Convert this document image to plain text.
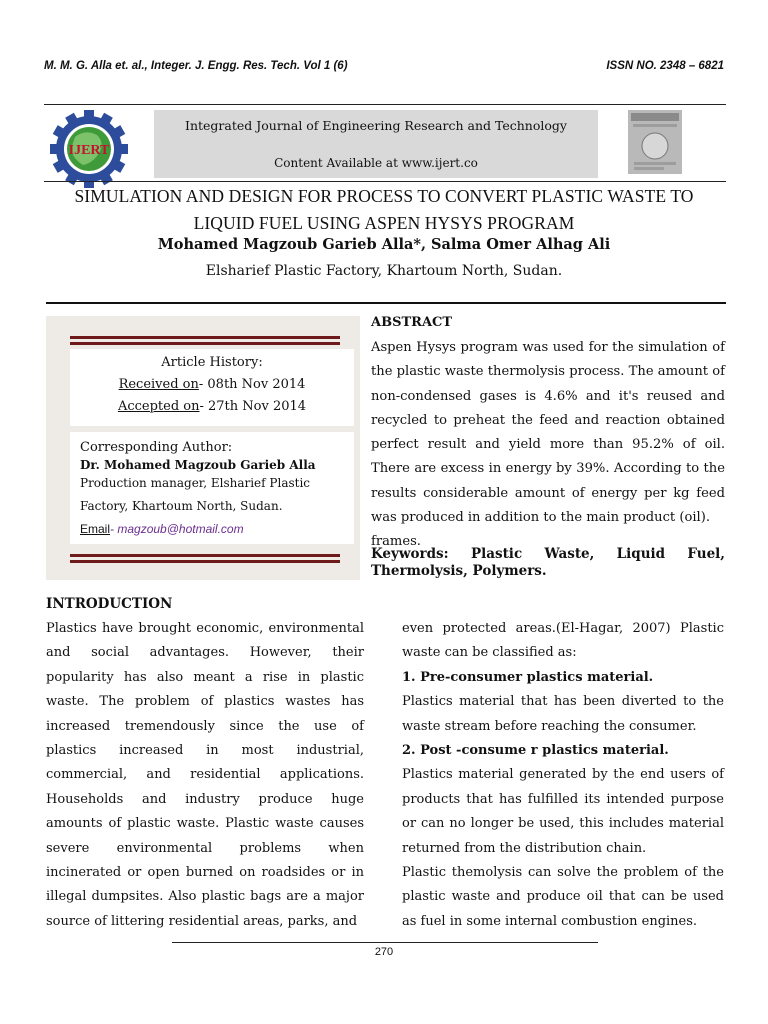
M. M. G. Alla et. al., Integer. J. Engg. Res. Tech. Vol 1 (6)	ISSN NO. 2348 – 6821
IJERT
Integrated Journal of Engineering Research and Technology
Content Available at www.ijert.co
SIMULATION AND DESIGN FOR PROCESS TO CONVERT PLASTIC WASTE TO
LIQUID FUEL USING ASPEN HYSYS PROGRAM
Mohamed Magzoub Garieb Alla*, Salma Omer Alhag Ali
Elsharief Plastic Factory, Khartoum North, Sudan.
Article History:
Received on- 08th Nov 2014
Accepted on- 27th Nov 2014
Corresponding Author:
Dr. Mohamed Magzoub Garieb Alla
Production manager, Elsharief Plastic
Factory, Khartoum North, Sudan.
Email- magzoub@hotmail.com
ABSTRACT
Aspen Hysys program was used for the simulation of the plastic waste thermolysis process. The amount of non-condensed gases is 4.6% and it's reused and recycled to preheat the feed and reaction obtained perfect result and yield more than 95.2% of oil. There are excess in energy by 39%. According to the results considerable amount of energy per kg feed was produced in addition to the main product (oil).
frames.
Keywords: Plastic Waste, Liquid Fuel, Thermolysis, Polymers.
INTRODUCTION

Plastics have brought economic, environmental and social advantages. However, their popularity has also meant a rise in plastic waste. The problem of plastics wastes has increased tremendously since the use of plastics increased in most industrial, commercial, and residential applications. Households and industry produce huge amounts of plastic waste. Plastic waste causes severe environmental problems when incinerated or open burned on roadsides or in illegal dumpsites. Also plastic bags are a major source of littering residential areas, parks, and

even protected areas.(El-Hagar, 2007) Plastic waste can be classified as:

1. Pre-consumer plastics material.

Plastics material that has been diverted to the waste stream before reaching the consumer.

2. Post -consume r plastics material.

Plastics material generated by the end users of products that has fulfilled its intended purpose or can no longer be used, this includes material returned from the distribution chain.

Plastic themolysis can solve the problem of the plastic waste and produce oil that can be used as fuel in some internal combustion engines.

270
